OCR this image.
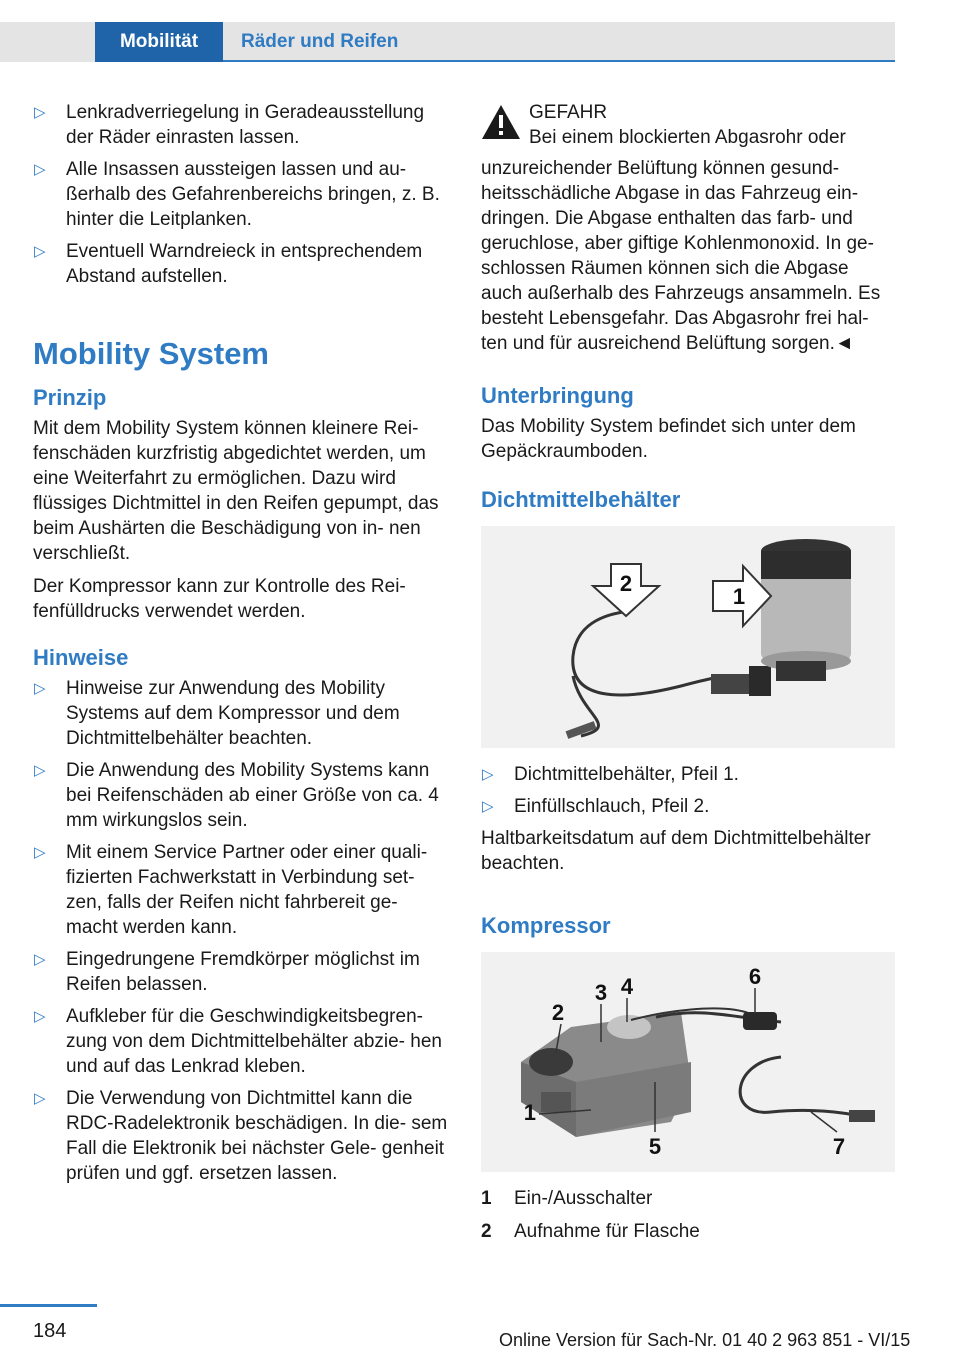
Mobilität	Räder und Reifen
▷ Lenkradverriegelung in Geradeausstellung der Räder einrasten lassen.
▷ Alle Insassen aussteigen lassen und au‐ ßerhalb des Gefahrenbereichs bringen, z. B. hinter die Leitplanken.
▷ Eventuell Warndreieck in entsprechendem Abstand aufstellen.
Mobility System
Prinzip

Mit dem Mobility System können kleinere Rei‐ fenschäden kurzfristig abgedichtet werden, um eine Weiterfahrt zu ermöglichen. Dazu wird flüssiges Dichtmittel in den Reifen gepumpt, das beim Aushärten die Beschädigung von in‐ nen verschließt.

Der Kompressor kann zur Kontrolle des Rei‐ fenfülldrucks verwendet werden.

Hinweise
▷ Hinweise zur Anwendung des Mobility Systems auf dem Kompressor und dem Dichtmittelbehälter beachten.
▷ Die Anwendung des Mobility Systems kann bei Reifenschäden ab einer Größe von ca. 4 mm wirkungslos sein.
▷ Mit einem Service Partner oder einer quali‐ fizierten Fachwerkstatt in Verbindung set‐ zen, falls der Reifen nicht fahrbereit ge‐ macht werden kann.
▷ Eingedrungene Fremdkörper möglichst im Reifen belassen.
▷ Aufkleber für die Geschwindigkeitsbegren‐ zung von dem Dichtmittelbehälter abzie‐ hen und auf das Lenkrad kleben.
▷ Die Verwendung von Dichtmittel kann die RDC-Radelektronik beschädigen. In die‐ sem Fall die Elektronik bei nächster Gele‐ genheit prüfen und ggf. ersetzen lassen.

GEFAHR

Bei einem blockierten Abgasrohr oder

unzureichender Belüftung können gesund‐ heitsschädliche Abgase in das Fahrzeug ein‐ dringen. Die Abgase enthalten das farb- und geruchlose, aber giftige Kohlenmonoxid. In ge‐ schlossen Räumen können sich die Abgase auch außerhalb des Fahrzeugs ansammeln. Es besteht Lebensgefahr. Das Abgasrohr frei hal‐ ten und für ausreichend Belüftung sorgen.◄

Unterbringung

Das Mobility System befindet sich unter dem Gepäckraumboden.

Dichtmittelbehälter
2
1
▷ Dichtmittelbehälter, Pfeil 1.
▷ Einfüllschlauch, Pfeil 2.

Haltbarkeitsdatum auf dem Dichtmittelbehälter beachten.

Kompressor
1
2
3 4
5
6
7
1 Ein-/Ausschalter
2 Aufnahme für Flasche
184	Online Version für Sach-Nr. 01 40 2 963 851 - VI/15
